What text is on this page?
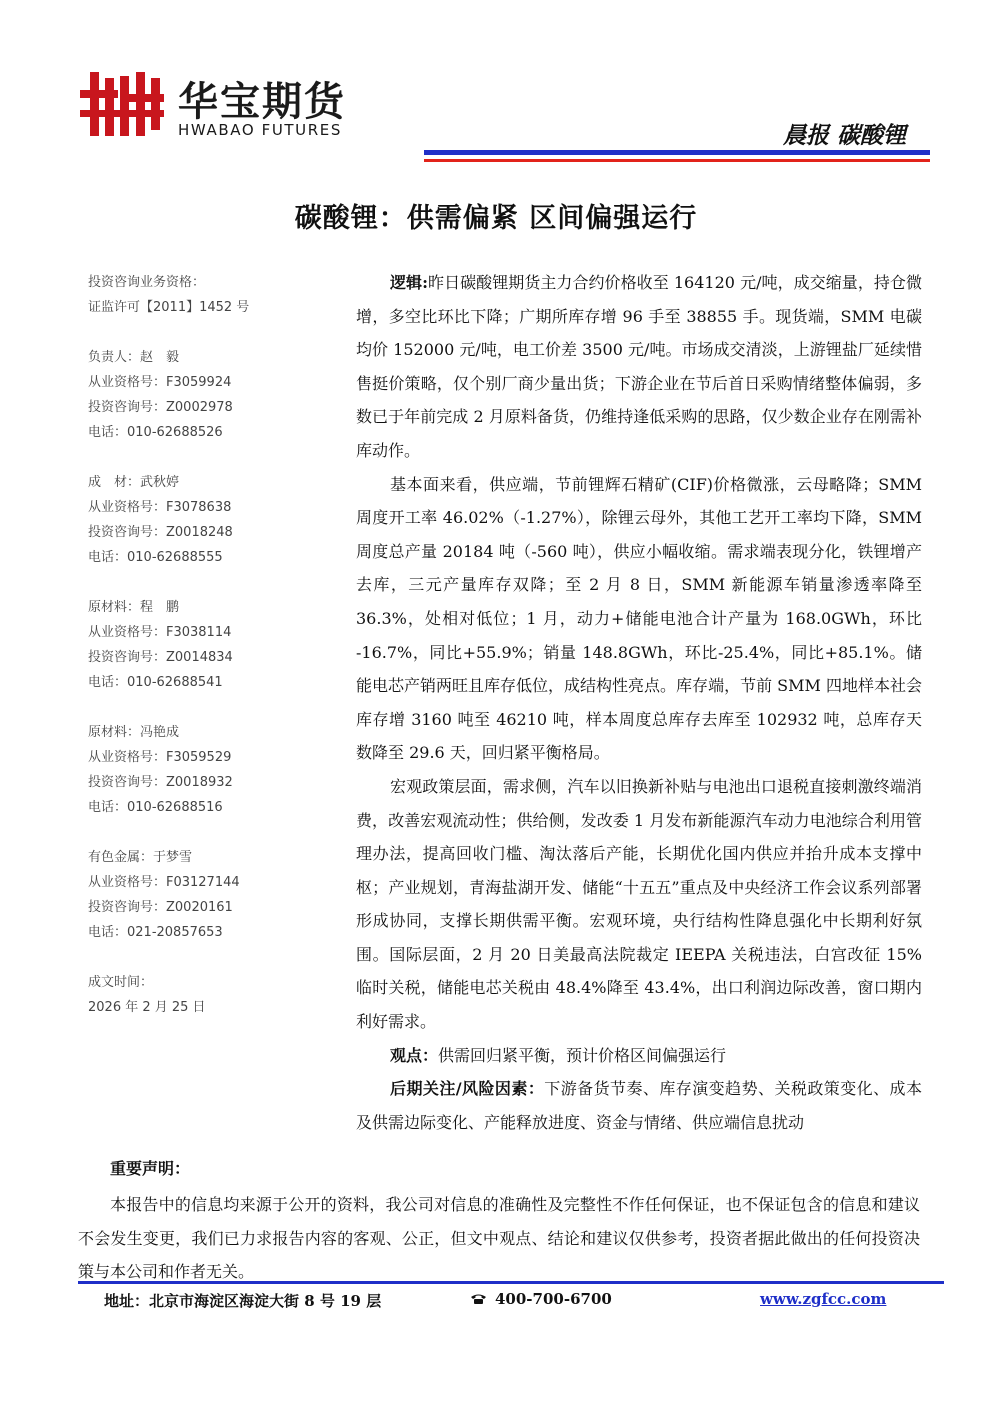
华宝期货
HWABAO FUTURES	晨报 碳酸锂
碳酸锂：供需偏紧 区间偏强运行
投资咨询业务资格：
证监许可【2011】1452 号
负责人：赵　毅
从业资格号：F3059924
投资咨询号：Z0002978
电话：010-62688526
成　材：武秋婷
从业资格号：F3078638
投资咨询号：Z0018248
电话：010-62688555
原材料：程　鹏
从业资格号：F3038114
投资咨询号：Z0014834
电话：010-62688541
原材料：冯艳成
从业资格号：F3059529
投资咨询号：Z0018932
电话：010-62688516
有色金属：于梦雪
从业资格号：F03127144
投资咨询号：Z0020161
电话：021-20857653
成文时间：
2026 年 2 月 25 日

逻辑:昨日碳酸锂期货主力合约价格收至 164120 元/吨，成交缩量，持仓微增，多空比环比下降；广期所库存增 96 手至 38855 手。现货端，SMM 电碳均价 152000 元/吨，电工价差 3500 元/吨。市场成交清淡，上游锂盐厂延续惜售挺价策略，仅个别厂商少量出货；下游企业在节后首日采购情绪整体偏弱，多数已于年前完成 2 月原料备货，仍维持逢低采购的思路，仅少数企业存在刚需补库动作。

基本面来看，供应端，节前锂辉石精矿(CIF)价格微涨，云母略降；SMM 周度开工率 46.02%（-1.27%），除锂云母外，其他工艺开工率均下降，SMM 周度总产量 20184 吨（-560 吨），供应小幅收缩。需求端表现分化，铁锂增产去库，三元产量库存双降；至 2 月 8 日，SMM 新能源车销量渗透率降至 36.3%，处相对低位；1 月，动力+储能电池合计产量为 168.0GWh，环比 -16.7%，同比+55.9%；销量 148.8GWh，环比-25.4%，同比+85.1%。储能电芯产销两旺且库存低位，成结构性亮点。库存端，节前 SMM 四地样本社会库存增 3160 吨至 46210 吨，样本周度总库存去库至 102932 吨，总库存天数降至 29.6 天，回归紧平衡格局。

宏观政策层面，需求侧，汽车以旧换新补贴与电池出口退税直接刺激终端消费，改善宏观流动性；供给侧，发改委 1 月发布新能源汽车动力电池综合利用管理办法，提高回收门槛、淘汰落后产能，长期优化国内供应并抬升成本支撑中枢；产业规划，青海盐湖开发、储能“十五五”重点及中央经济工作会议系列部署形成协同，支撑长期供需平衡。宏观环境，央行结构性降息强化中长期利好氛围。国际层面，2 月 20 日美最高法院裁定 IEEPA 关税违法，白宫改征 15% 临时关税，储能电芯关税由 48.4%降至 43.4%，出口利润边际改善，窗口期内利好需求。

观点：供需回归紧平衡，预计价格区间偏强运行

后期关注/风险因素：下游备货节奏、库存演变趋势、关税政策变化、成本及供需边际变化、产能释放进度、资金与情绪、供应端信息扰动

重要声明：

本报告中的信息均来源于公开的资料，我公司对信息的准确性及完整性不作任何保证，也不保证包含的信息和建议不会发生变更，我们已力求报告内容的客观、公正，但文中观点、结论和建议仅供参考，投资者据此做出的任何投资决策与本公司和作者无关。

地址：北京市海淀区海淀大街 8 号 19 层	400-700-6700	www.zgfcc.com
